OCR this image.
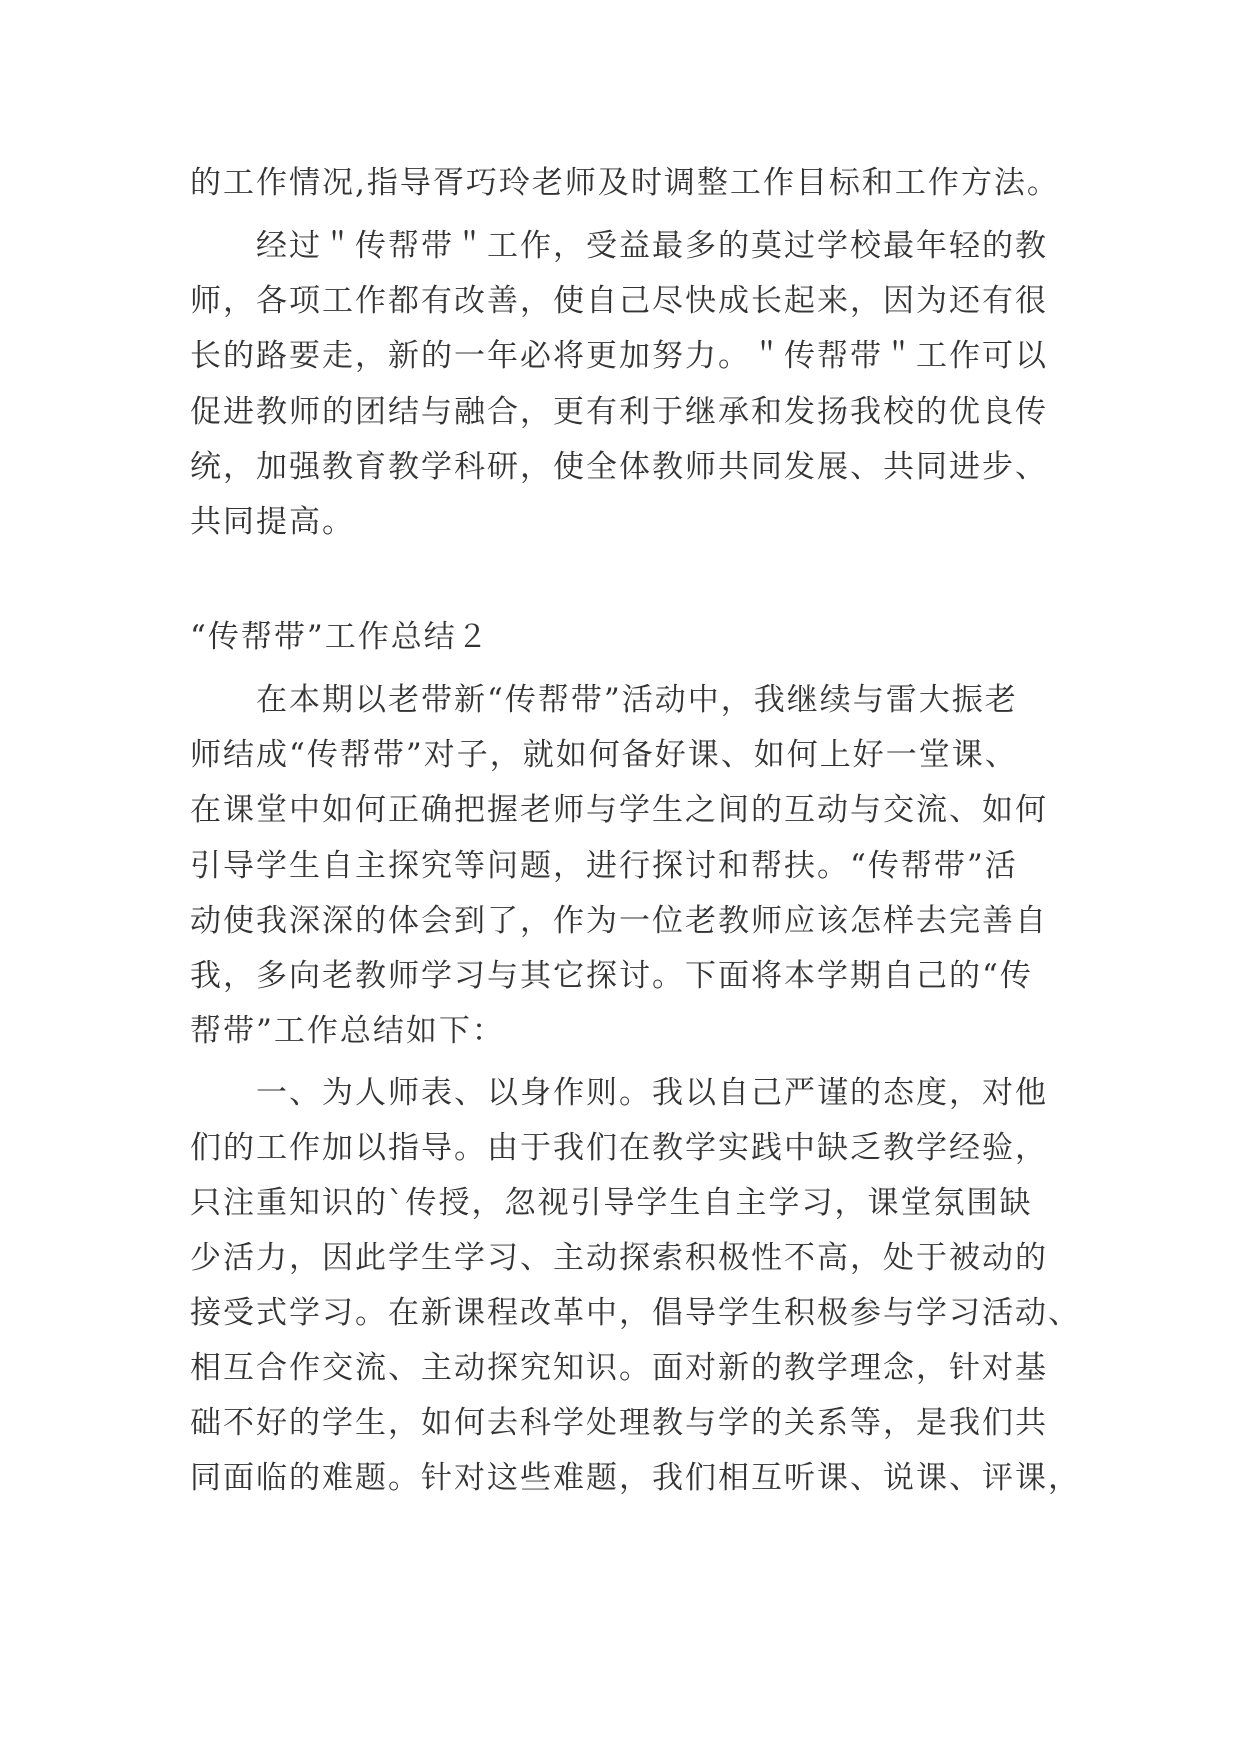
的工作情况,指导胥巧玲老师及时调整工作目标和工作方法。
　　经过＂传帮带＂工作，受益最多的莫过学校最年轻的教
师，各项工作都有改善，使自己尽快成长起来，因为还有很
长的路要走，新的一年必将更加努力。＂传帮带＂工作可以
促进教师的团结与融合，更有利于继承和发扬我校的优良传
统，加强教育教学科研，使全体教师共同发展、共同进步、
共同提高。
“传帮带”工作总结２
　　在本期以老带新“传帮带”活动中，我继续与雷大振老
师结成“传帮带”对子，就如何备好课、如何上好一堂课、
在课堂中如何正确把握老师与学生之间的互动与交流、如何
引导学生自主探究等问题，进行探讨和帮扶。“传帮带”活
动使我深深的体会到了，作为一位老教师应该怎样去完善自
我，多向老教师学习与其它探讨。下面将本学期自己的“传
帮带”工作总结如下：
　　一、为人师表、以身作则。我以自己严谨的态度，对他
们的工作加以指导。由于我们在教学实践中缺乏教学经验，
只注重知识的`传授，忽视引导学生自主学习，课堂氛围缺
少活力，因此学生学习、主动探索积极性不高，处于被动的
接受式学习。在新课程改革中，倡导学生积极参与学习活动、
相互合作交流、主动探究知识。面对新的教学理念，针对基
础不好的学生，如何去科学处理教与学的关系等，是我们共
同面临的难题。针对这些难题，我们相互听课、说课、评课，
